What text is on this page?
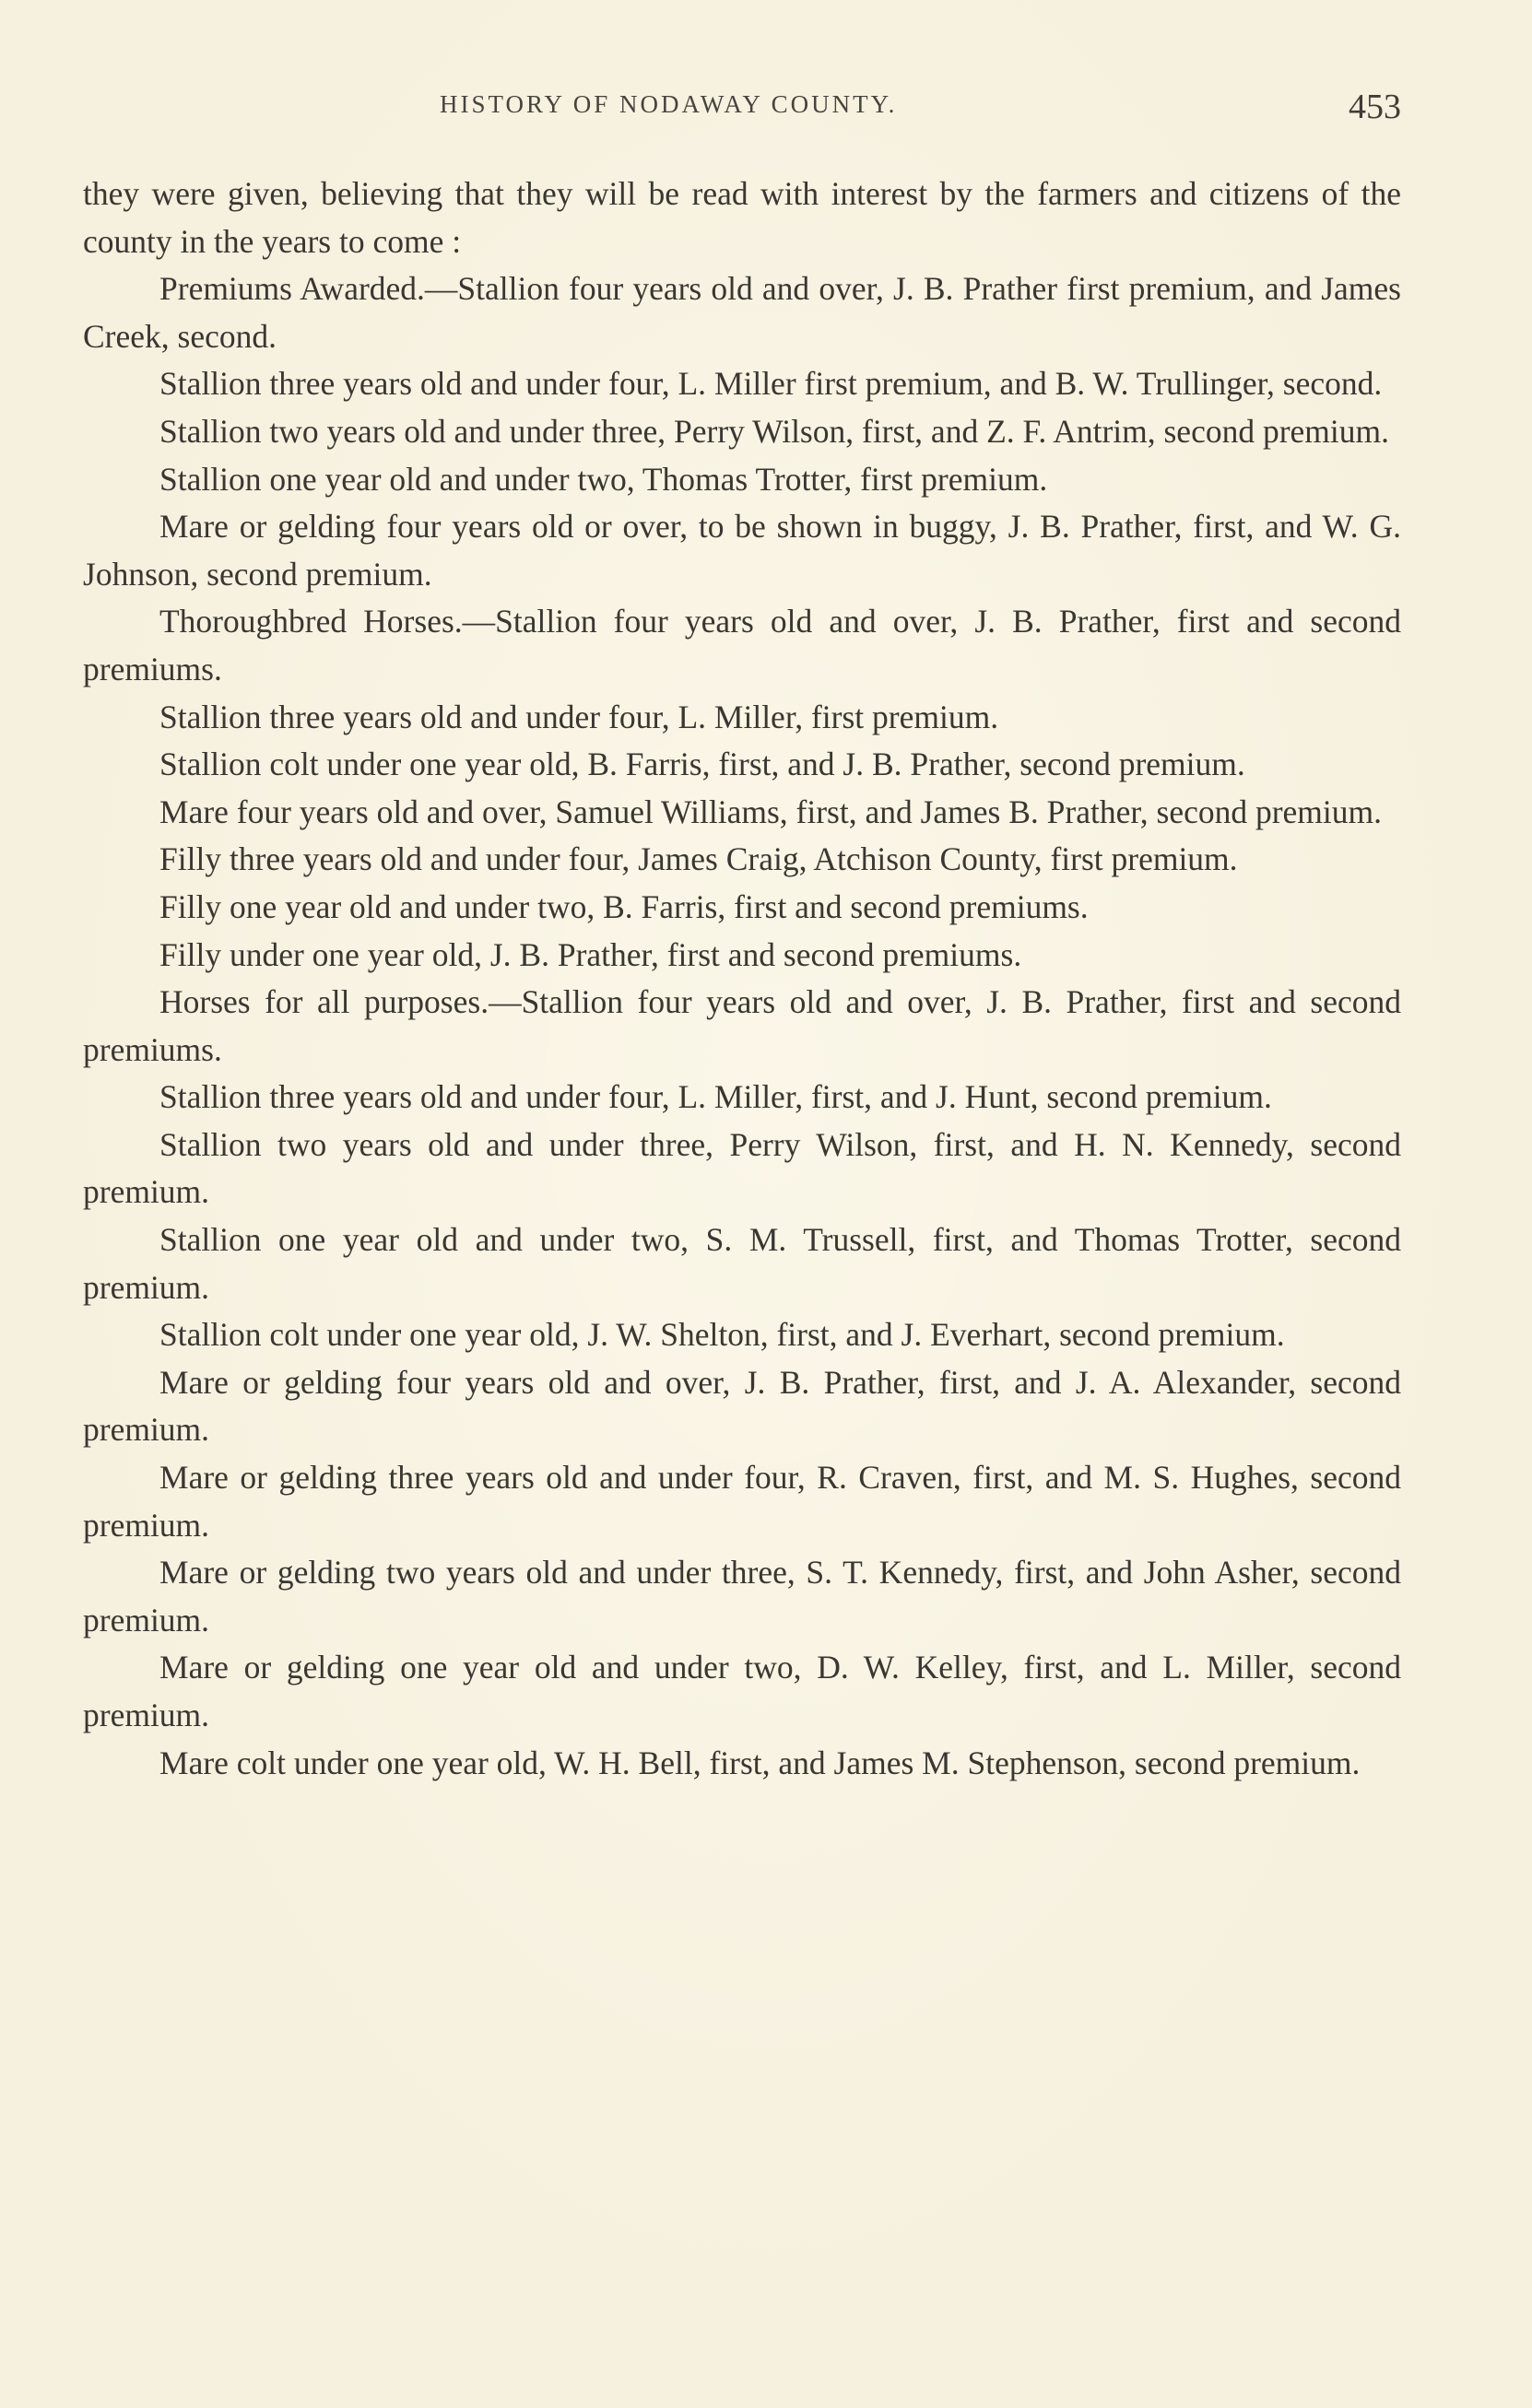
HISTORY OF NODAWAY COUNTY.	453

they were given, believing that they will be read with interest by the farmers and citizens of the county in the years to come :

Premiums Awarded.—Stallion four years old and over, J. B. Prather first premium, and James Creek, second.

Stallion three years old and under four, L. Miller first premium, and B. W. Trullinger, second.

Stallion two years old and under three, Perry Wilson, first, and Z. F. Antrim, second premium.

Stallion one year old and under two, Thomas Trotter, first premium.

Mare or gelding four years old or over, to be shown in buggy, J. B. Prather, first, and W. G. Johnson, second premium.

Thoroughbred Horses.—Stallion four years old and over, J. B. Prather, first and second premiums.

Stallion three years old and under four, L. Miller, first premium.

Stallion colt under one year old, B. Farris, first, and J. B. Prather, second premium.

Mare four years old and over, Samuel Williams, first, and James B. Prather, second premium.

Filly three years old and under four, James Craig, Atchison County, first premium.

Filly one year old and under two, B. Farris, first and second premiums.

Filly under one year old, J. B. Prather, first and second premiums.

Horses for all purposes.—Stallion four years old and over, J. B. Prather, first and second premiums.

Stallion three years old and under four, L. Miller, first, and J. Hunt, second premium.

Stallion two years old and under three, Perry Wilson, first, and H. N. Kennedy, second premium.

Stallion one year old and under two, S. M. Trussell, first, and Thomas Trotter, second premium.

Stallion colt under one year old, J. W. Shelton, first, and J. Everhart, second premium.

Mare or gelding four years old and over, J. B. Prather, first, and J. A. Alexander, second premium.

Mare or gelding three years old and under four, R. Craven, first, and M. S. Hughes, second premium.

Mare or gelding two years old and under three, S. T. Kennedy, first, and John Asher, second premium.

Mare or gelding one year old and under two, D. W. Kelley, first, and L. Miller, second premium.

Mare colt under one year old, W. H. Bell, first, and James M. Stephenson, second premium.
